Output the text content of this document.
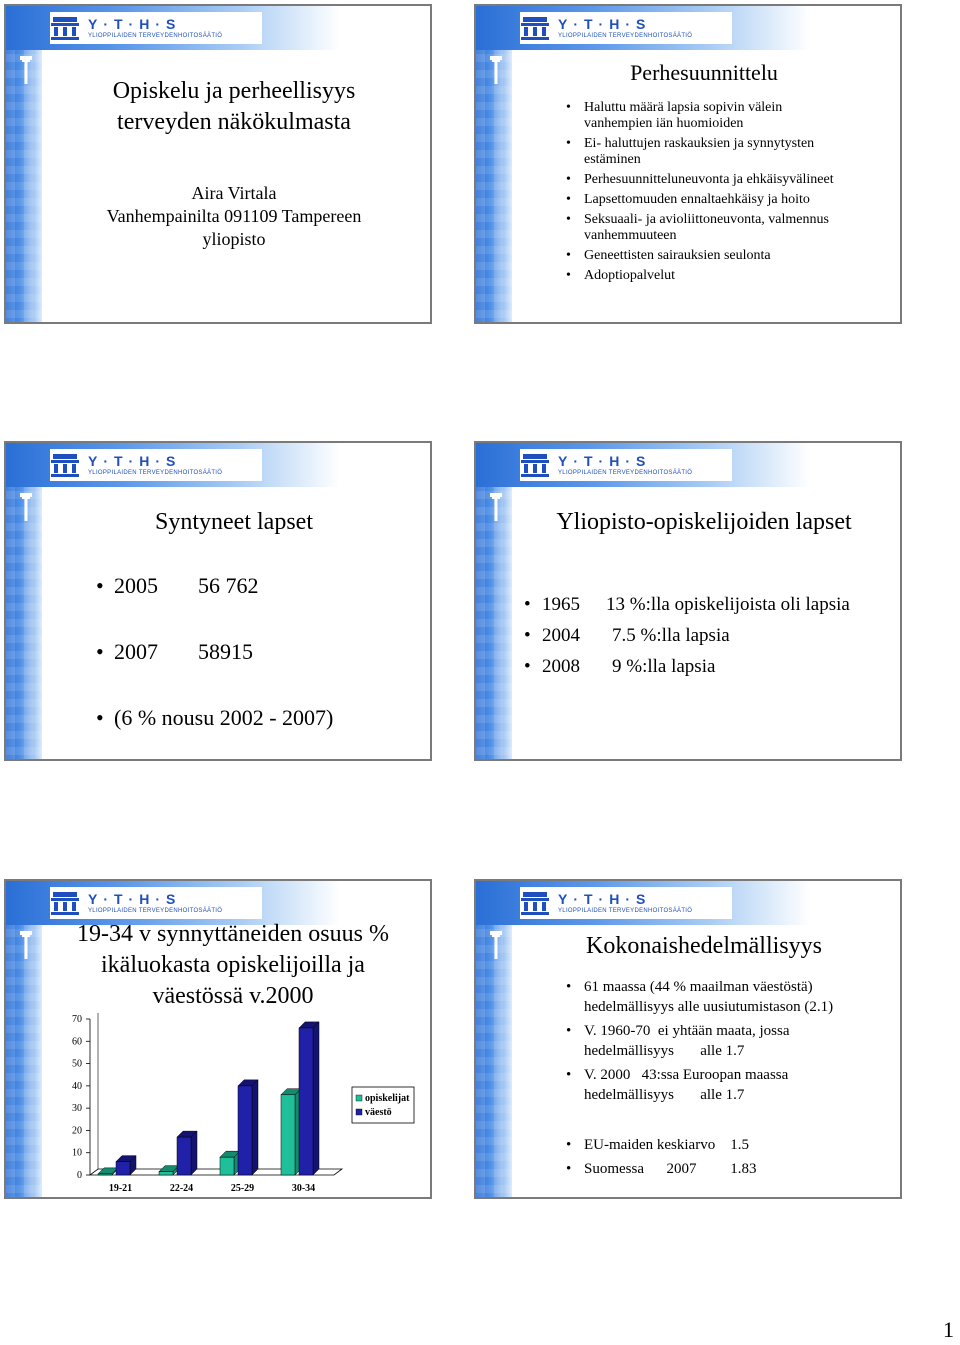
Y·T·H·S
YLIOPPILAIDEN TERVEYDENHOITOSÄÄTIÖ
Opiskelu ja perheellisyys
terveyden näkökulmasta
Aira Virtala
Vanhempainilta 091109 Tampereen
yliopisto
Y·T·H·S
YLIOPPILAIDEN TERVEYDENHOITOSÄÄTIÖ
Perhesuunnittelu
• Haluttu määrä lapsia sopivin välein
vanhempien iän huomioiden
• Ei- haluttujen raskauksien ja synnytysten
estäminen
• Perhesuunnitteluneuvonta ja ehkäisyvälineet
• Lapsettomuuden ennaltaehkäisy ja hoito
• Seksuaali- ja avioliittoneuvonta, valmennus
vanhemmuuteen
• Geneettisten sairauksien seulonta
• Adoptiopalvelut
Y·T·H·S
YLIOPPILAIDEN TERVEYDENHOITOSÄÄTIÖ
Syntyneet lapset
• 2005 56 762
• 2007 58915
• (6 % nousu 2002 - 2007)
Y·T·H·S
YLIOPPILAIDEN TERVEYDENHOITOSÄÄTIÖ
Yliopisto-opiskelijoiden lapset
• 1965 13 %:lla opiskelijoista oli lapsia
• 2004 7.5 %:lla lapsia
• 2008 9 %:lla lapsia
Y·T·H·S
YLIOPPILAIDEN TERVEYDENHOITOSÄÄTIÖ
19-34 v synnyttäneiden osuus %
ikäluokasta opiskelijoilla ja
väestössä v.2000
0
10
20
30
40
50
60
70
19-21	22-24	25-29	30-34
opiskelijat
väestö
Y·T·H·S
YLIOPPILAIDEN TERVEYDENHOITOSÄÄTIÖ
Kokonaishedelmällisyys
• 61 maassa (44 % maailman väestöstä)
hedelmällisyys alle uusiutumistason (2.1)
• V. 1960-70  ei yhtään maata, jossa
hedelmällisyys       alle 1.7
• V. 2000   43:ssa Euroopan maassa
hedelmällisyys       alle 1.7
• EU-maiden keskiarvo    1.5
• Suomessa      2007         1.83
1
